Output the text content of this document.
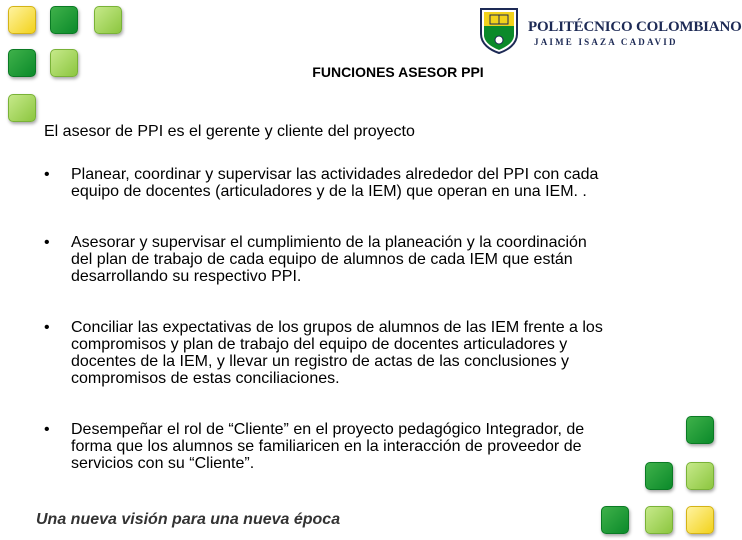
POLITÉCNICO COLOMBIANO
JAIME ISAZA CADAVID
FUNCIONES ASESOR PPI
El asesor de PPI es el gerente y cliente del proyecto
• Planear, coordinar y supervisar las actividades alrededor del PPI con cada
equipo de docentes (articuladores y de la IEM) que operan en una IEM. .
• Asesorar y supervisar el cumplimiento de la planeación y la coordinación
del plan de trabajo de cada equipo de alumnos de cada IEM que están
desarrollando su respectivo PPI.
• Conciliar las expectativas de los grupos de alumnos de las IEM frente a los
compromisos y plan de trabajo del equipo de docentes articuladores y
docentes de la IEM, y llevar un registro de actas de las conclusiones y
compromisos de estas conciliaciones.
• Desempeñar el rol de “Cliente” en el proyecto pedagógico Integrador, de
forma que los alumnos se familiaricen en la interacción de proveedor de
servicios con su “Cliente”.
Una nueva visión para una nueva época
